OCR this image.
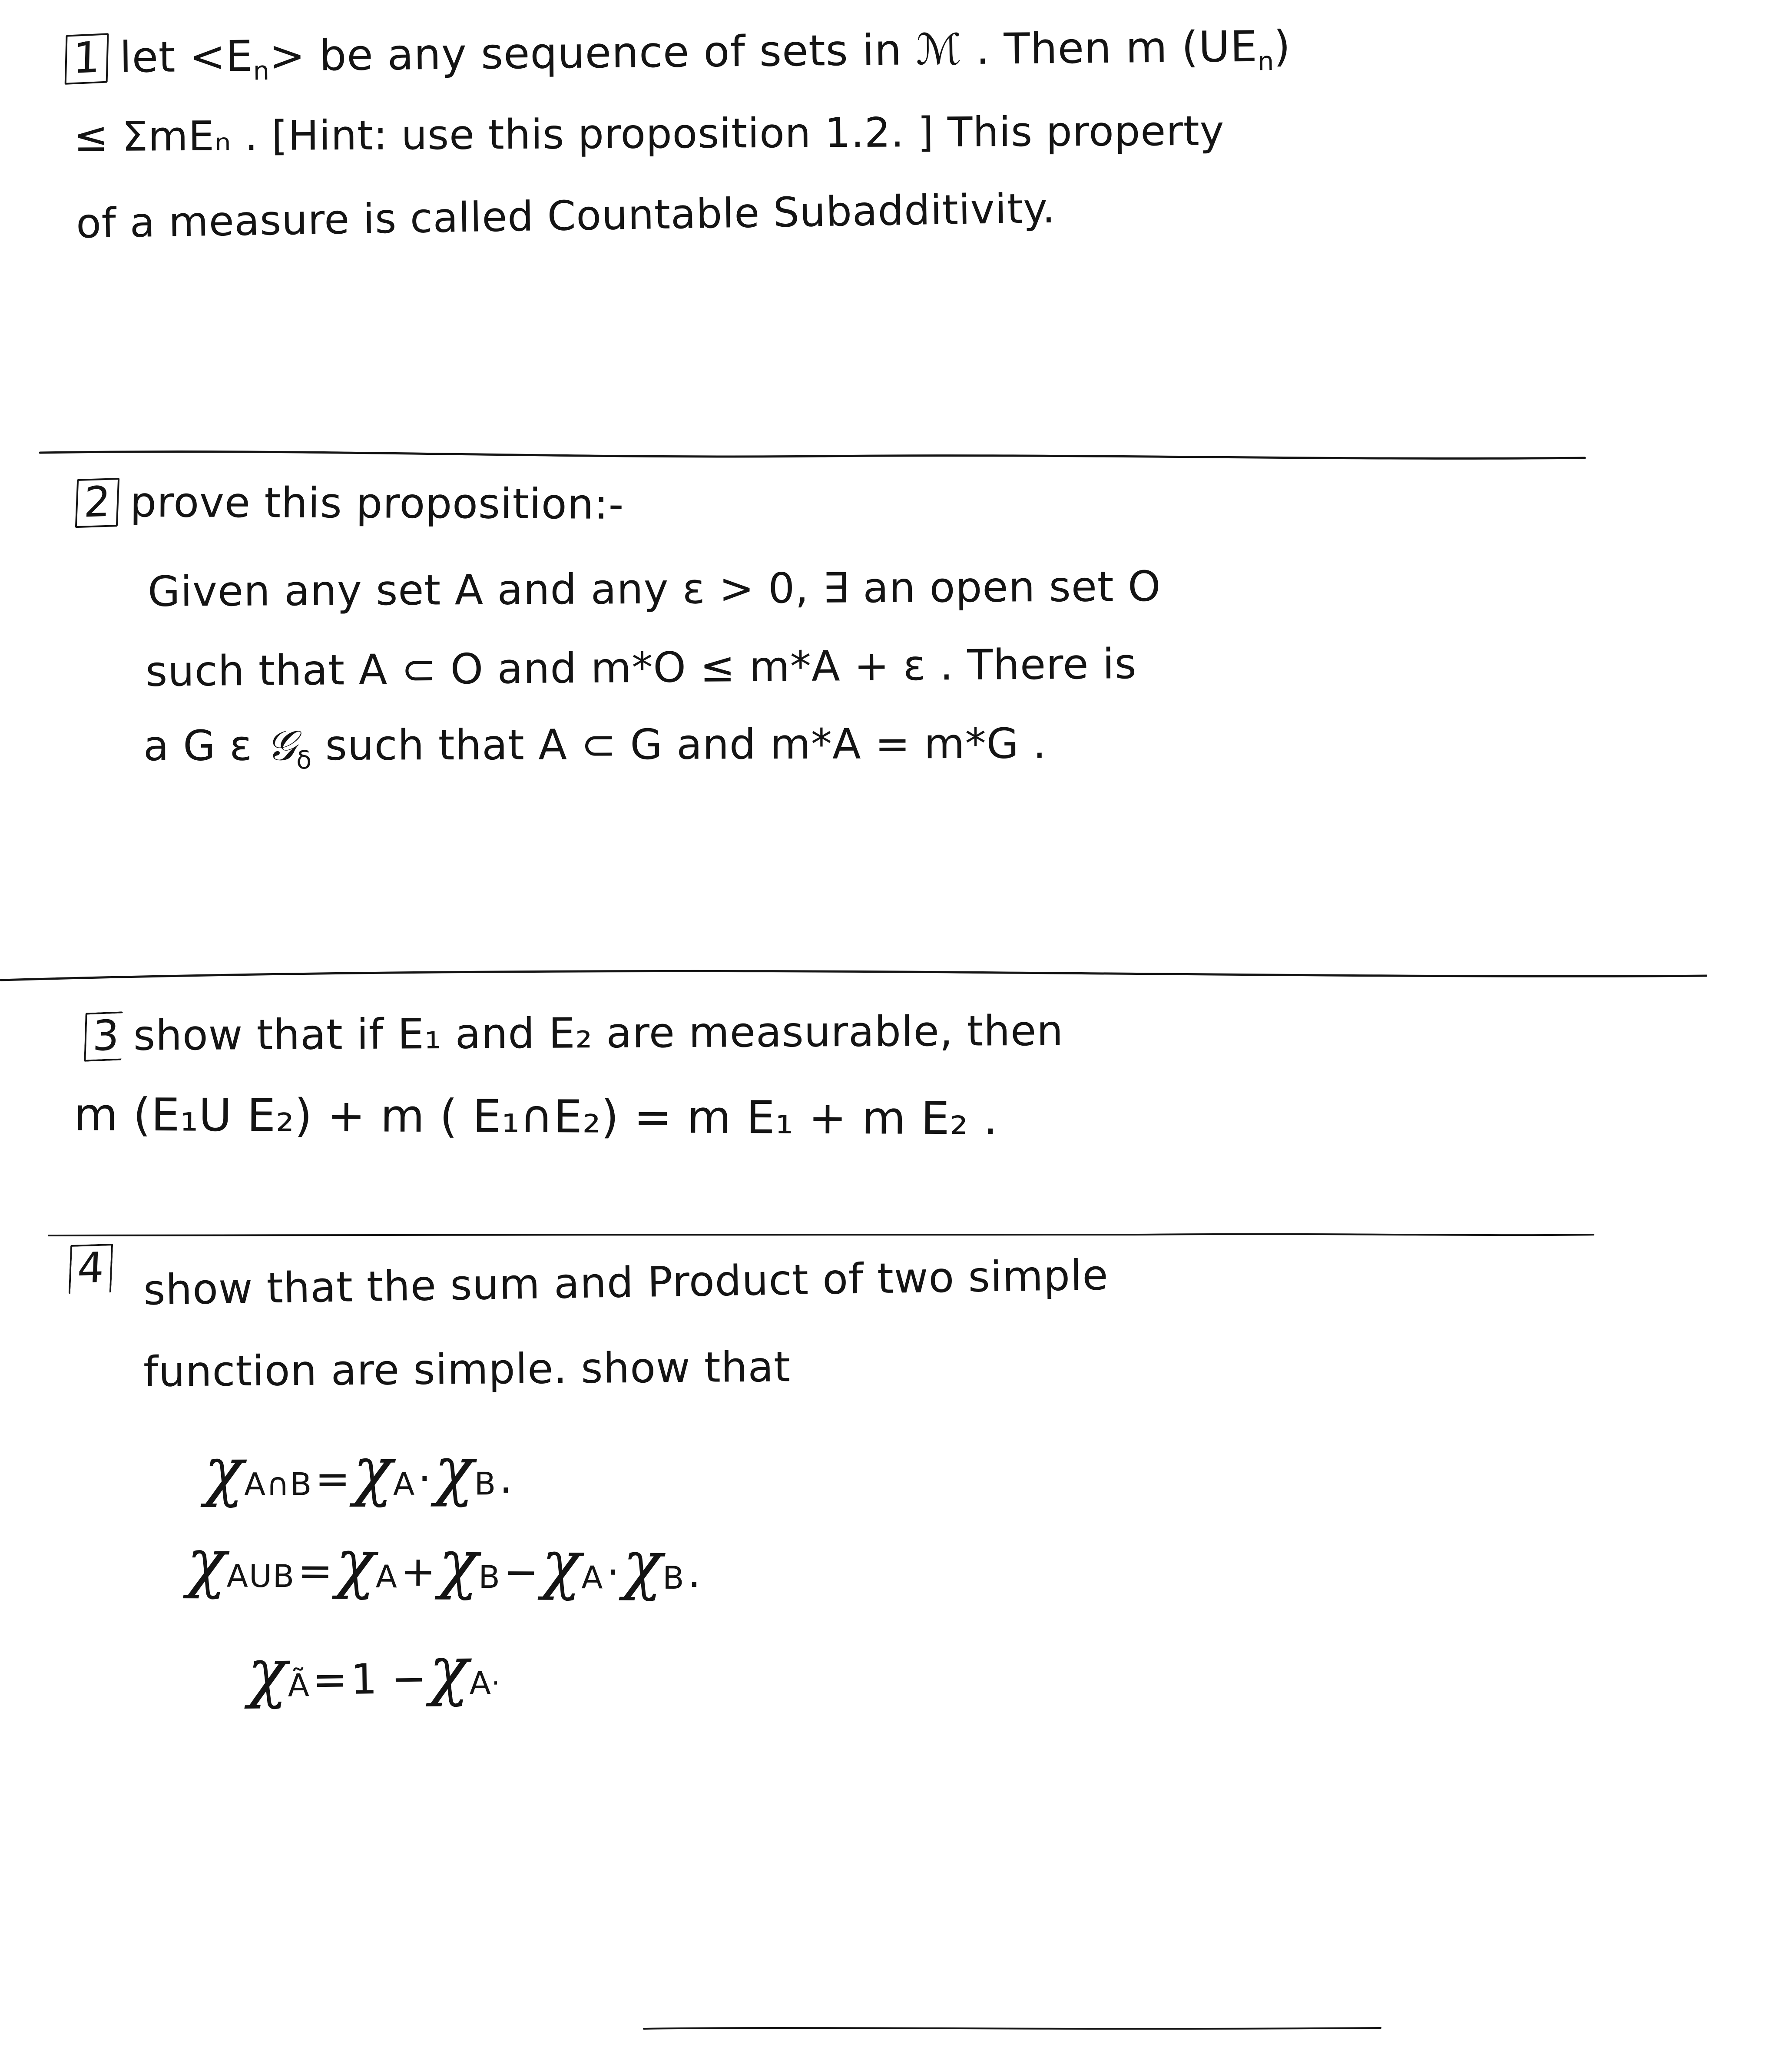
1 let $<E_n>$ be any sequence of sets in ℳ . Then m $(UE_n)$
≤ ΣmEₙ . [Hint: use this proposition 1.2. ] This property
of a measure is called Countable Subadditivity.
2 prove this proposition:-
Given any set A and any ε > 0, ∃ an open set O
such that A ⊂ O and m*O ≤ m*A + ε . There is
a G ε 𝒢$_\delta$ such that A ⊂ G and m*A = m*G .
3 show that if E₁ and E₂ are measurable, then
m (E₁U E₂) + m ( E₁∩E₂) = m E₁ + m E₂ .
show that the sum and Product of two simple
4
function are simple. show that
χA∩B = χA · χB .
χAUB = χA + χB − χA · χB .
χÃ = 1 − χA·
